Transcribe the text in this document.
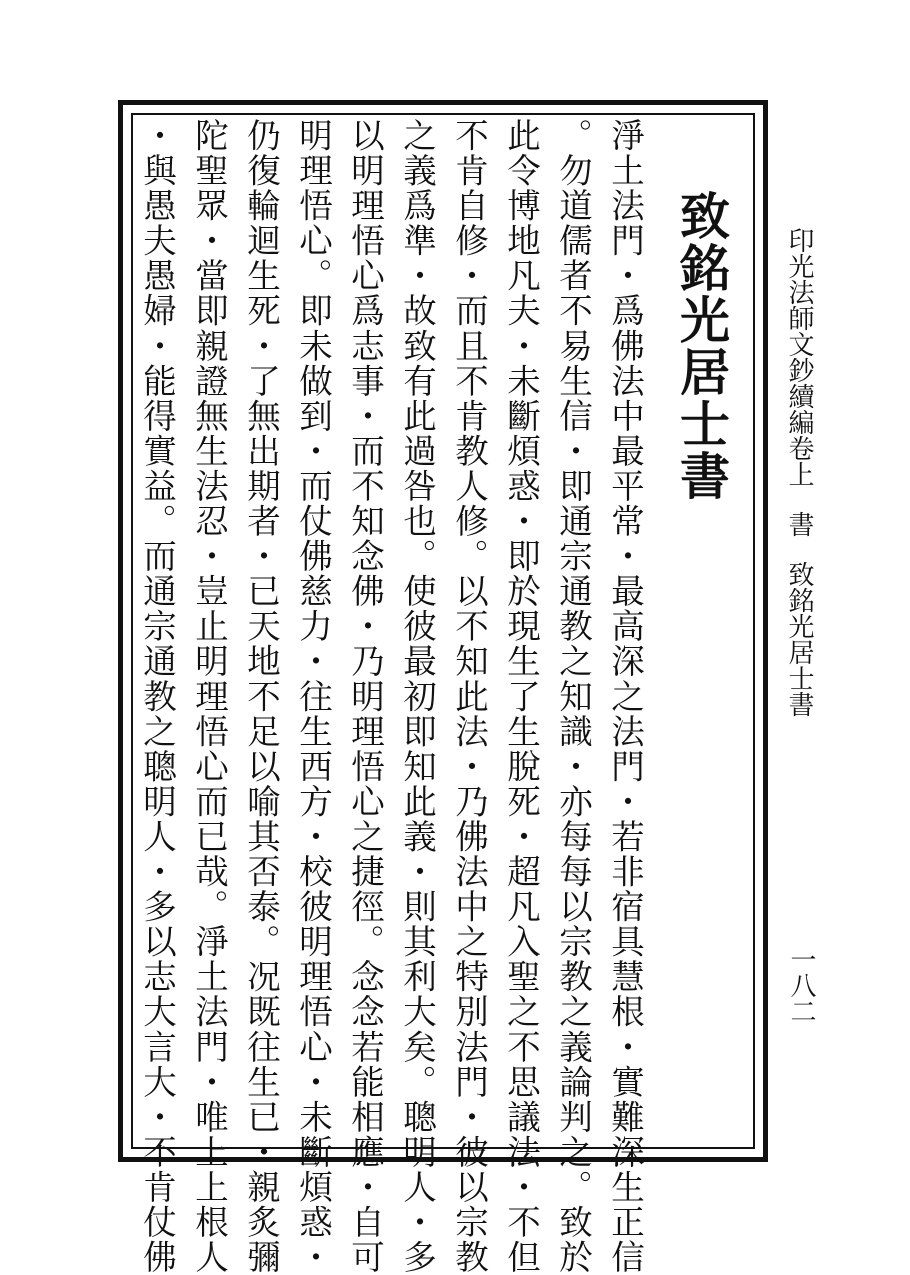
印光法師文鈔續編卷上書致銘光居士書
一八二
致銘光居士書
淨土法門・爲佛法中最平常・最高深之法門・若非宿具慧根・實難深生正信
。勿道儒者不易生信・即通宗通教之知識・亦每每以宗教之義論判之。致於
此令博地凡夫・未斷煩惑・即於現生了生脫死・超凡入聖之不思議法・不但
不肯自修・而且不肯教人修。以不知此法・乃佛法中之特別法門・彼以宗教
之義爲準・故致有此過咎也。使彼最初即知此義・則其利大矣。聰明人・多
以明理悟心爲志事・而不知念佛・乃明理悟心之捷徑。念念若能相應・自可
明理悟心。即未做到・而仗佛慈力・往生西方・校彼明理悟心・未斷煩惑・
仍復輪迴生死・了無出期者・已天地不足以喻其否泰。况既往生已・親炙彌
陀聖眾・當即親證無生法忍・豈止明理悟心而已哉。淨土法門・唯上上根人
・與愚夫愚婦・能得實益。而通宗通教之聰明人・多以志大言大・不肯仗佛
